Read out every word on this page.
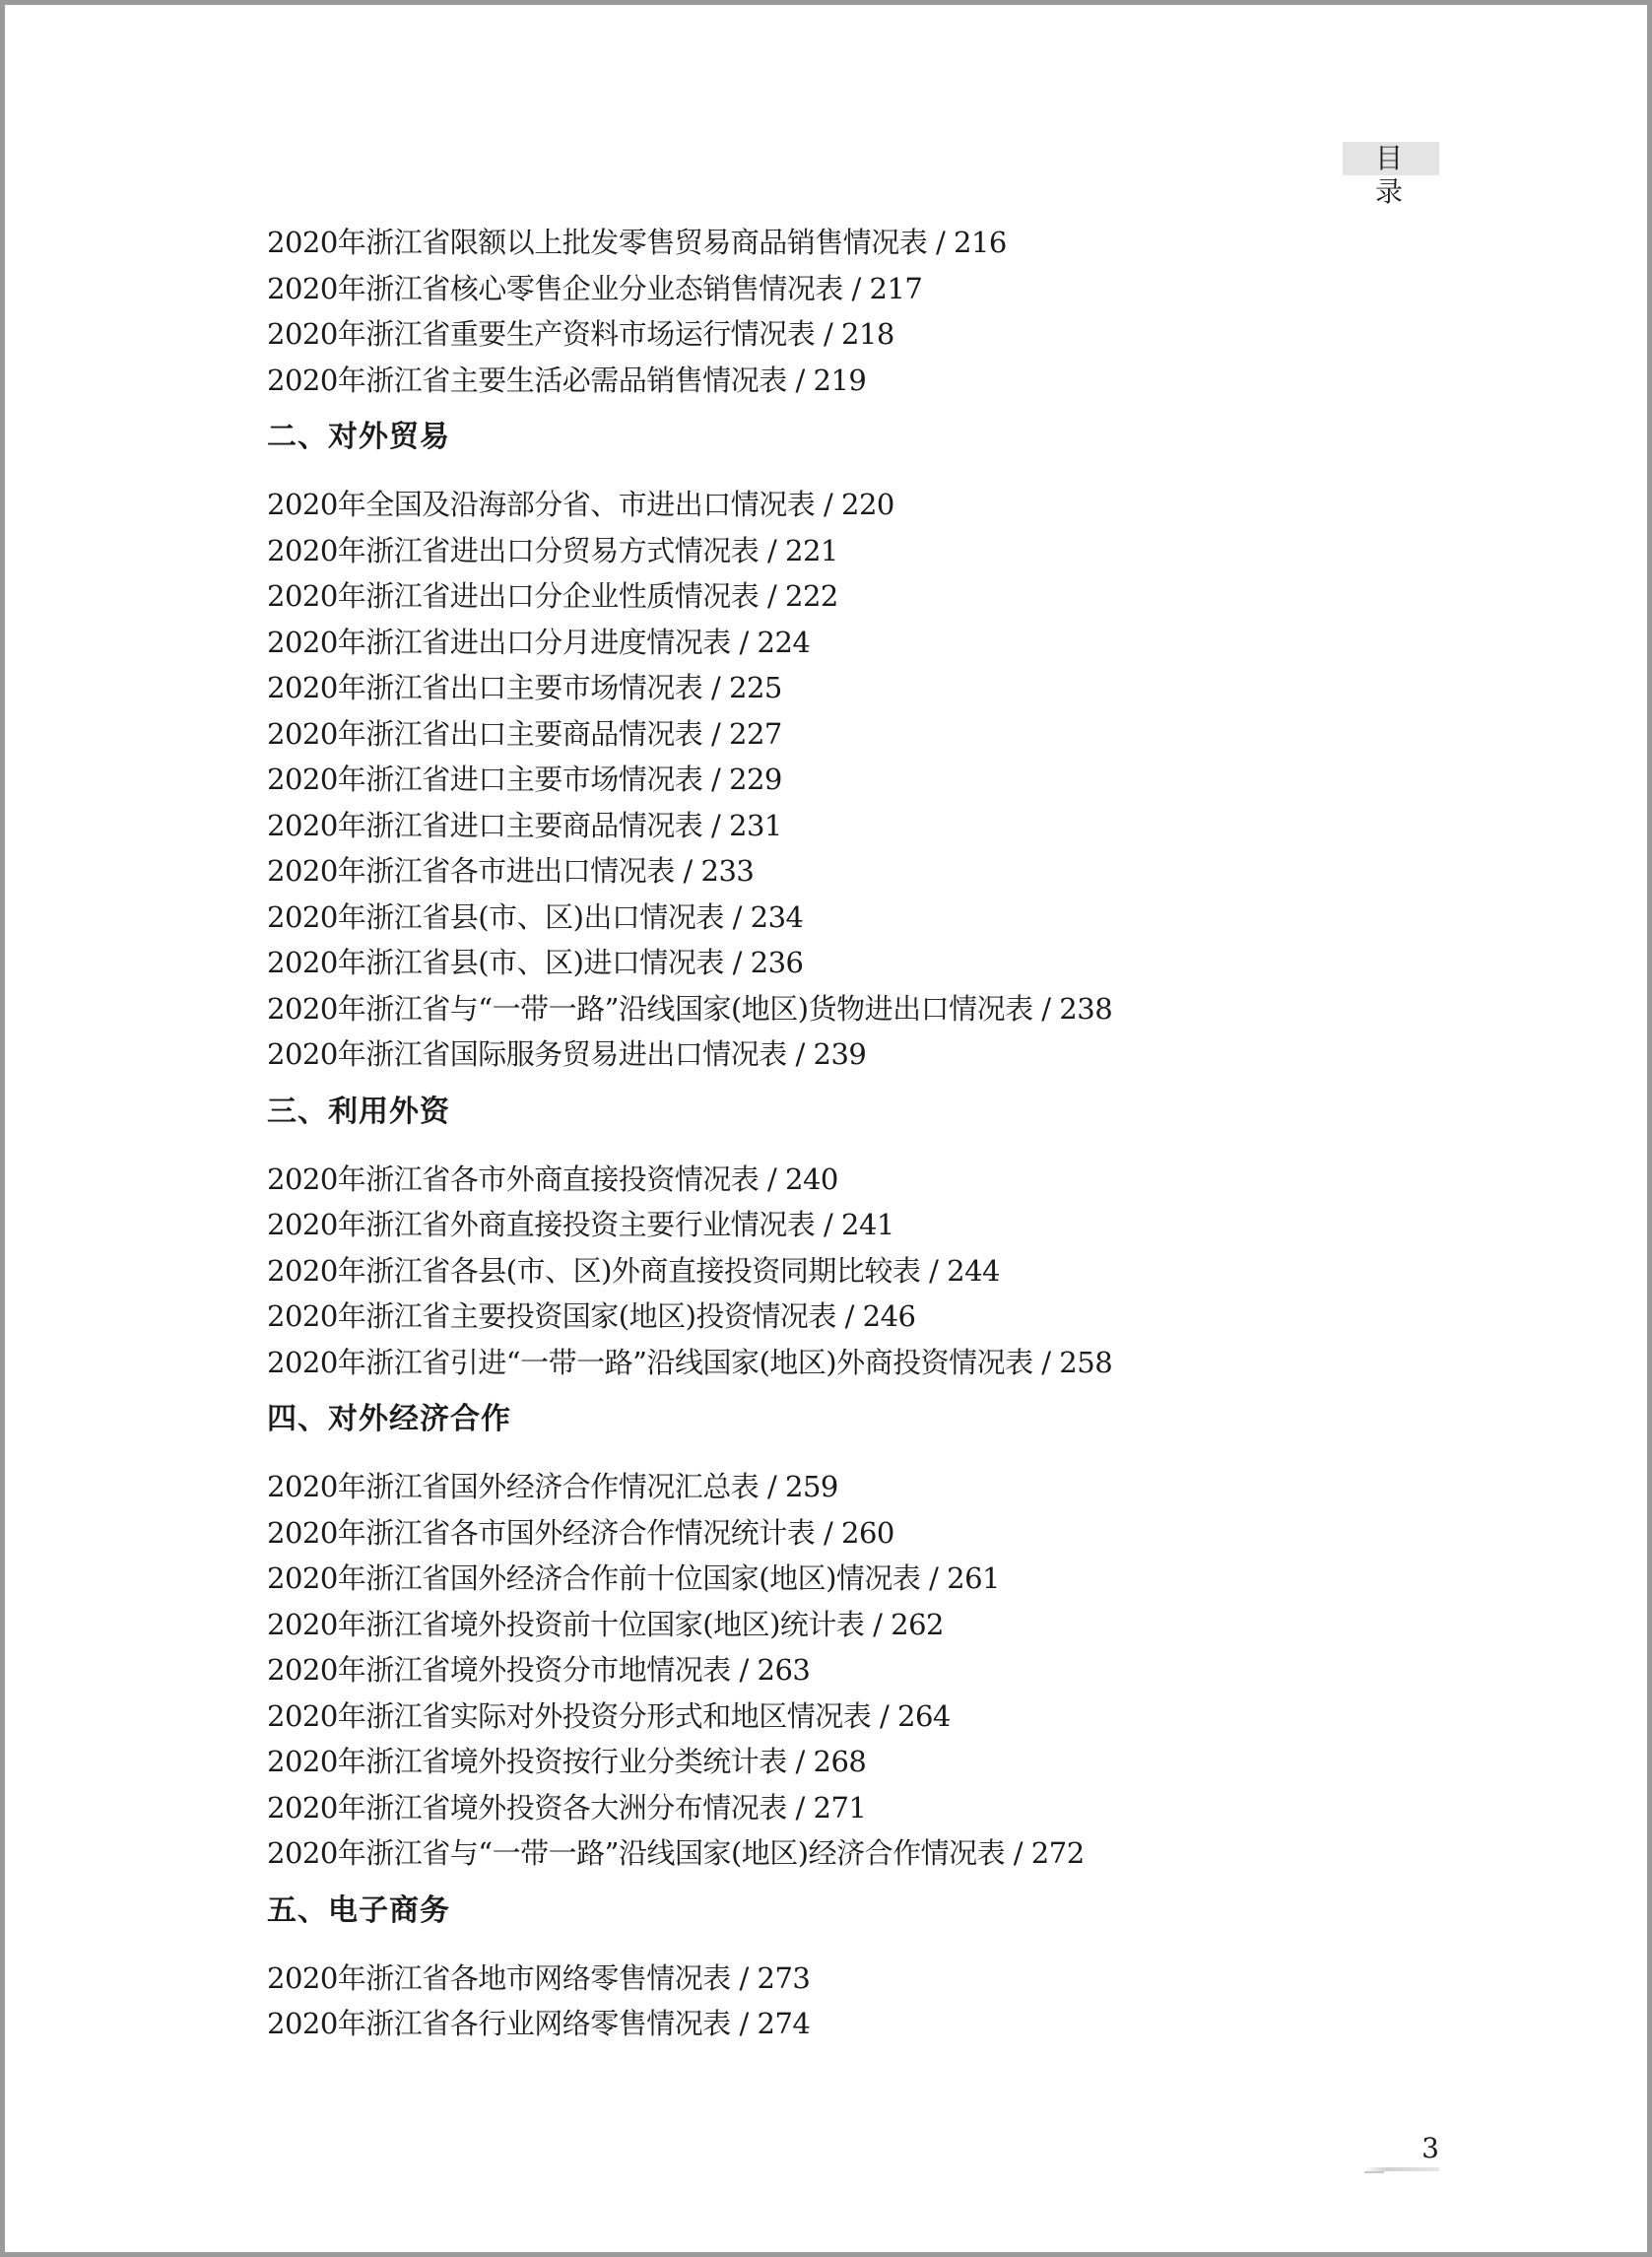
目 录
2020年浙江省限额以上批发零售贸易商品销售情况表 / 216
2020年浙江省核心零售企业分业态销售情况表 / 217
2020年浙江省重要生产资料市场运行情况表 / 218
2020年浙江省主要生活必需品销售情况表 / 219
二、对外贸易
2020年全国及沿海部分省、市进出口情况表 / 220
2020年浙江省进出口分贸易方式情况表 / 221
2020年浙江省进出口分企业性质情况表 / 222
2020年浙江省进出口分月进度情况表 / 224
2020年浙江省出口主要市场情况表 / 225
2020年浙江省出口主要商品情况表 / 227
2020年浙江省进口主要市场情况表 / 229
2020年浙江省进口主要商品情况表 / 231
2020年浙江省各市进出口情况表 / 233
2020年浙江省县(市、区)出口情况表 / 234
2020年浙江省县(市、区)进口情况表 / 236
2020年浙江省与“一带一路”沿线国家(地区)货物进出口情况表 / 238
2020年浙江省国际服务贸易进出口情况表 / 239
三、利用外资
2020年浙江省各市外商直接投资情况表 / 240
2020年浙江省外商直接投资主要行业情况表 / 241
2020年浙江省各县(市、区)外商直接投资同期比较表 / 244
2020年浙江省主要投资国家(地区)投资情况表 / 246
2020年浙江省引进“一带一路”沿线国家(地区)外商投资情况表 / 258
四、对外经济合作
2020年浙江省国外经济合作情况汇总表 / 259
2020年浙江省各市国外经济合作情况统计表 / 260
2020年浙江省国外经济合作前十位国家(地区)情况表 / 261
2020年浙江省境外投资前十位国家(地区)统计表 / 262
2020年浙江省境外投资分市地情况表 / 263
2020年浙江省实际对外投资分形式和地区情况表 / 264
2020年浙江省境外投资按行业分类统计表 / 268
2020年浙江省境外投资各大洲分布情况表 / 271
2020年浙江省与“一带一路”沿线国家(地区)经济合作情况表 / 272
五、电子商务
2020年浙江省各地市网络零售情况表 / 273
2020年浙江省各行业网络零售情况表 / 274
3
